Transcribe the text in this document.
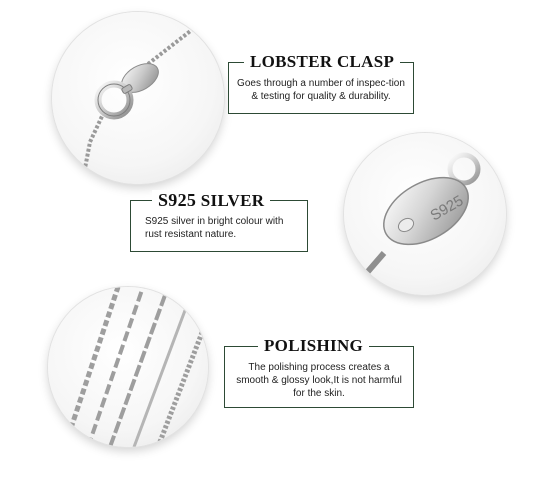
S925
Goes through a number of inspec-tion & testing for quality & durability.
LOBSTER CLASP
S925 silver in bright colour with rust resistant nature.
S925 SILVER
The polishing process creates a smooth & glossy look,It is not harmful for the skin.
POLISHING
